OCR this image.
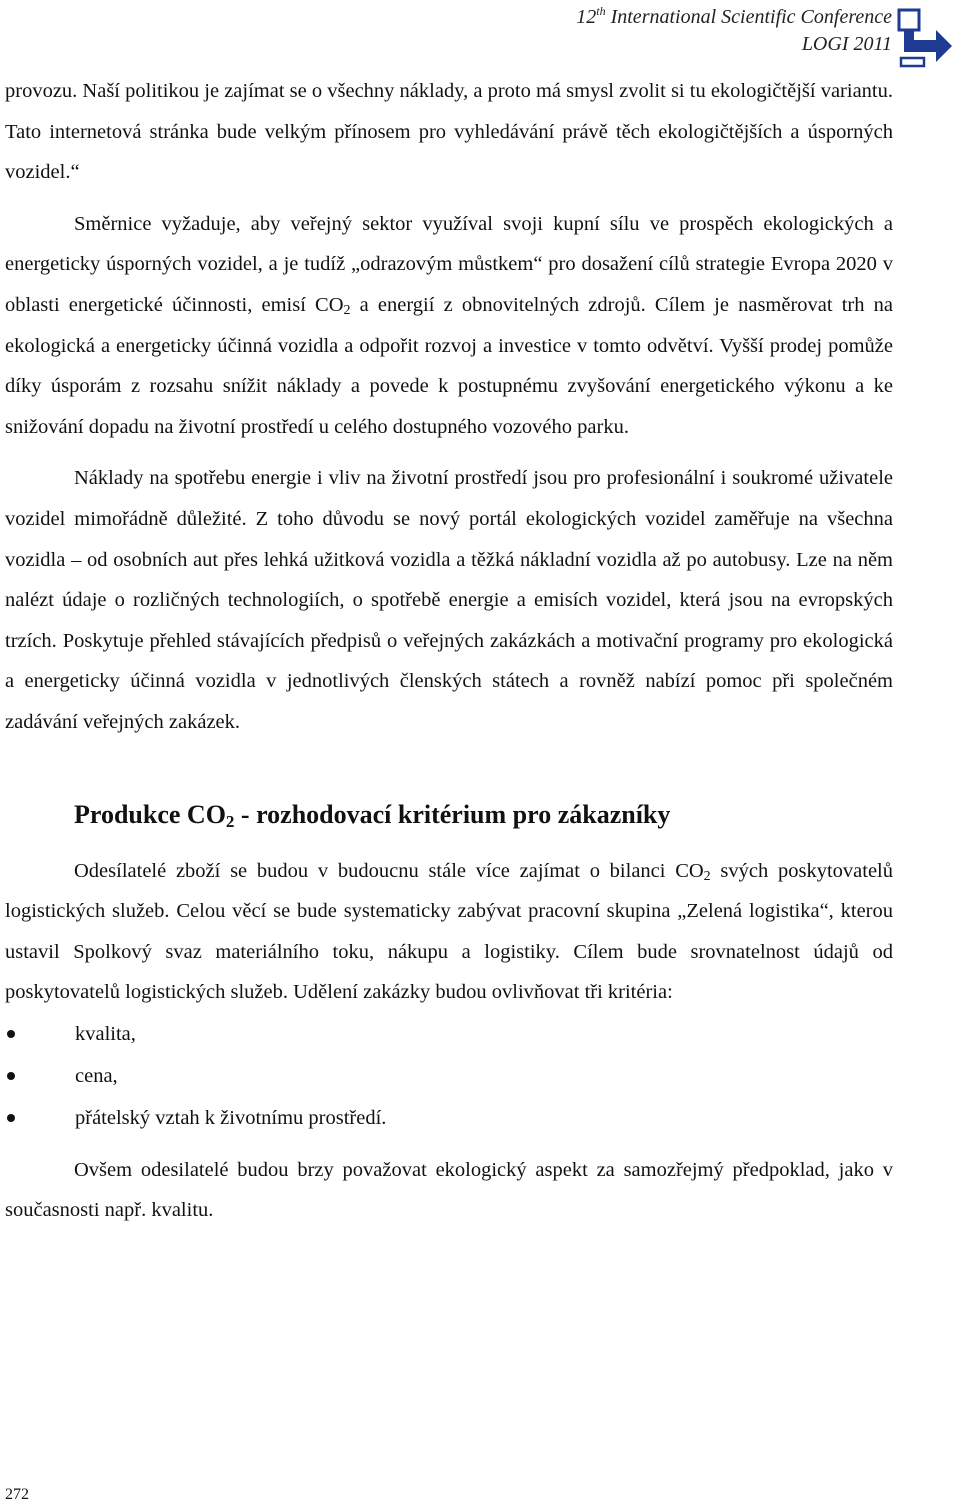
12th International Scientific Conference
LOGI 2011

provozu. Naší politikou je zajímat se o všechny náklady, a proto má smysl zvolit si tu ekologičtější variantu. Tato internetová stránka bude velkým přínosem pro vyhledávání právě těch ekologičtějších a úsporných vozidel.“

Směrnice vyžaduje, aby veřejný sektor využíval svoji kupní sílu ve prospěch ekologických a energeticky úsporných vozidel, a je tudíž „odrazovým můstkem“ pro dosažení cílů strategie Evropa 2020 v oblasti energetické účinnosti, emisí $CO_2$ a energií z obnovitelných zdrojů. Cílem je nasměrovat trh na ekologická a energeticky účinná vozidla a odpořit rozvoj a investice v tomto odvětví. Vyšší prodej pomůže díky úsporám z rozsahu snížit náklady a povede k postupnému zvyšování energetického výkonu a ke snižování dopadu na životní prostředí u celého dostupného vozového parku.

Náklady na spotřebu energie i vliv na životní prostředí jsou pro profesionální i soukromé uživatele vozidel mimořádně důležité. Z toho důvodu se nový portál ekologických vozidel zaměřuje na všechna vozidla – od osobních aut přes lehká užitková vozidla a těžká nákladní vozidla až po autobusy. Lze na něm nalézt údaje o rozličných technologiích, o spotřebě energie a emisích vozidel, která jsou na evropských trzích. Poskytuje přehled stávajících předpisů o veřejných zakázkách a motivační programy pro ekologická a energeticky účinná vozidla v jednotlivých členských státech a rovněž nabízí pomoc při společném zadávání veřejných zakázek.

Produkce $CO_2$ - rozhodovací kritérium pro zákazníky

Odesílatelé zboží se budou v budoucnu stále více zajímat o bilanci $CO_2$ svých poskytovatelů logistických služeb. Celou věcí se bude systematicky zabývat pracovní skupina „Zelená logistika“, kterou ustavil Spolkový svaz materiálního toku, nákupu a logistiky. Cílem bude srovnatelnost údajů od poskytovatelů logistických služeb. Udělení zakázky budou ovlivňovat tři kritéria:

kvalita,
cena,
přátelský vztah k životnímu prostředí.

Ovšem odesilatelé budou brzy považovat ekologický aspekt za samozřejmý předpoklad, jako v současnosti např. kvalitu.

272
